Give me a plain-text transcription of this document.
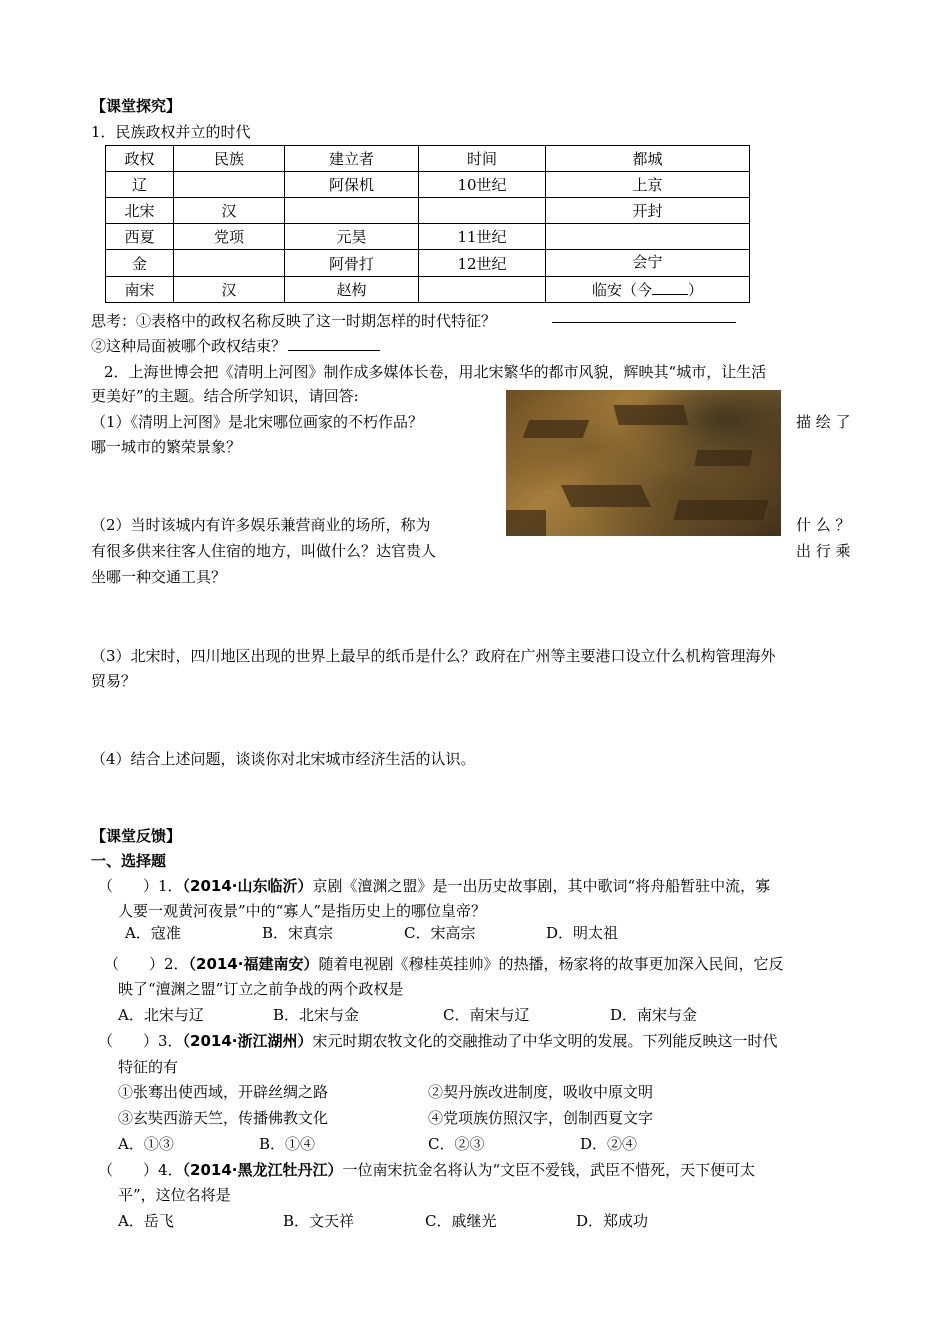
【课堂探究】
1．民族政权并立的时代
政权	民族	建立者	时间	都城
辽		阿保机	10世纪	上京
北宋	汉			开封
西夏	党项	元昊	11世纪	
金		阿骨打	12世纪	会宁
南宋	汉	赵构		临安（今 ）
思考：①表格中的政权名称反映了这一时期怎样的时代特征？
②这种局面被哪个政权结束？
2．上海世博会把《清明上河图》制作成多媒体长卷，用北宋繁华的都市风貌，辉映其“城市，让生活
更美好”的主题。结合所学知识，请回答:
（1）《清明上河图》是北宋哪位画家的不朽作品？	描 绘 了
哪一城市的繁荣景象？
（2）当时该城内有许多娱乐兼营商业的场所，称为	什 么 ？
有很多供来往客人住宿的地方，叫做什么？达官贵人	出 行 乘
坐哪一种交通工具？
（3）北宋时，四川地区出现的世界上最早的纸币是什么？政府在广州等主要港口设立什么机构管理海外
贸易？
（4）结合上述问题，谈谈你对北宋城市经济生活的认识。
【课堂反馈】
一、选择题
（　　）1．（2014·山东临沂）京剧《澶渊之盟》是一出历史故事剧，其中歌词“将舟船暂驻中流，寡
人要一观黄河夜景”中的“寡人”是指历史上的哪位皇帝？
A．寇准	B．宋真宗	C．宋高宗	D．明太祖
（　　）2．（2014·福建南安）随着电视剧《穆桂英挂帅》的热播，杨家将的故事更加深入民间，它反
映了“澶渊之盟”订立之前争战的两个政权是
A．北宋与辽	B．北宋与金	C．南宋与辽	D．南宋与金
（　　）3．（2014·浙江湖州）宋元时期农牧文化的交融推动了中华文明的发展。下列能反映这一时代
特征的有
①张骞出使西域，开辟丝绸之路	②契丹族改进制度，吸收中原文明
③玄奘西游天竺，传播佛教文化	④党项族仿照汉字，创制西夏文字
A．①③	B．①④	C．②③	D．②④
（　　）4．（2014·黑龙江牡丹江）一位南宋抗金名将认为“文臣不爱钱，武臣不惜死，天下便可太
平”，这位名将是
A．岳飞	B．文天祥	C．戚继光	D．郑成功
